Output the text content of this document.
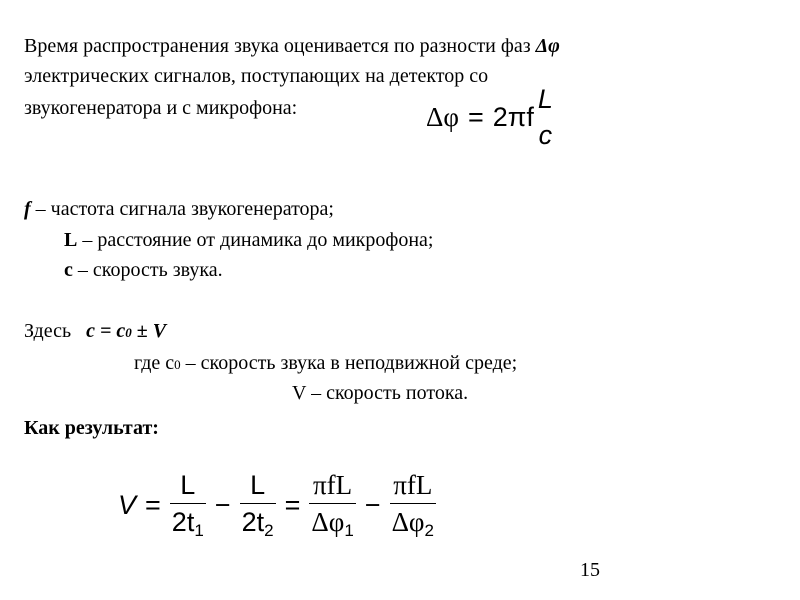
Время распространения звука оценивается по разности фаз Δφ
электрических сигналов, поступающих на детектор со
звукогенератора и с микрофона:	Δφ = 2πf
L
c
f – частота сигнала звукогенератора;
L – расстояние от динамика до микрофона;
c – скорость звука.
Здесь   c = c0 ± V
где с0 – скорость звука в неподвижной среде;
V – скорость потока.
Как результат:
$V = \frac{L}{2t_1} - \frac{L}{2t_2} = \frac{\text{πfL}}{\Delta\varphi_1} - \frac{\text{πfL}}{\Delta\varphi_2}$
15
